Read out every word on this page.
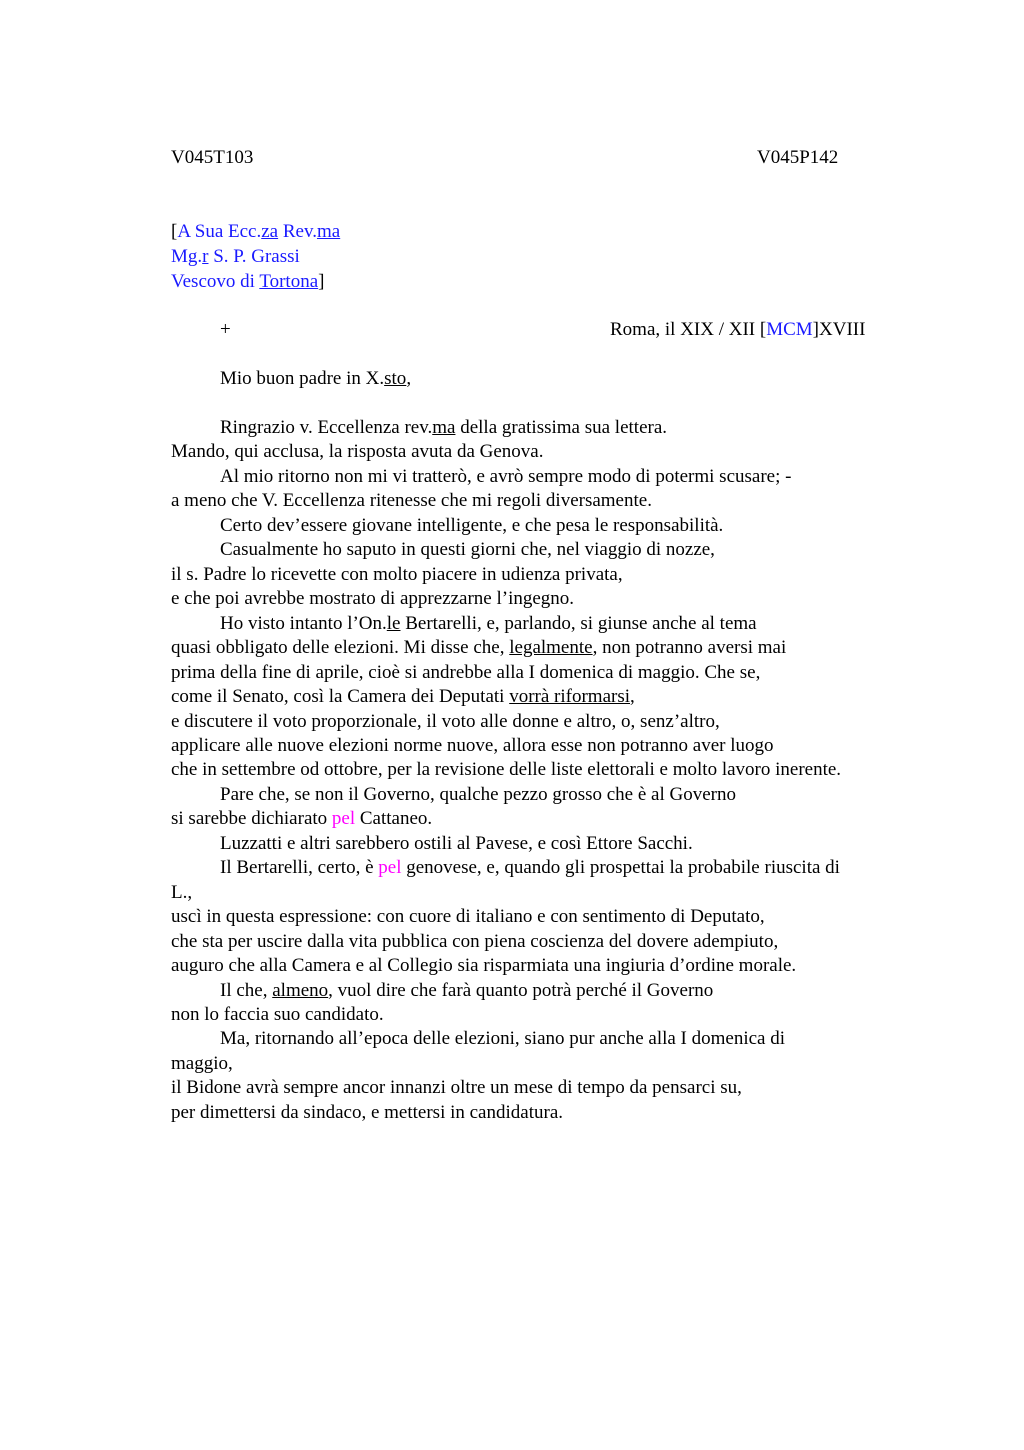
V045T103	V045P142
[A Sua Ecc.za Rev.ma
Mg.r S. P. Grassi
Vescovo di Tortona]
+	Roma, il XIX / XII [MCM]XVIII
Mio buon padre in X.sto,
Ringrazio v. Eccellenza rev.ma della gratissima sua lettera.
Mando, qui acclusa, la risposta avuta da Genova.
Al mio ritorno non mi vi tratterò, e avrò sempre modo di potermi scusare; -
a meno che V. Eccellenza ritenesse che mi regoli diversamente.
Certo dev’essere giovane intelligente, e che pesa le responsabilità.
Casualmente ho saputo in questi giorni che, nel viaggio di nozze,
il s. Padre lo ricevette con molto piacere in udienza privata,
e che poi avrebbe mostrato di apprezzarne l’ingegno.
Ho visto intanto l’On.le Bertarelli, e, parlando, si giunse anche al tema
quasi obbligato delle elezioni. Mi disse che, legalmente, non potranno aversi mai
prima della fine di aprile, cioè si andrebbe alla I domenica di maggio. Che se,
come il Senato, così la Camera dei Deputati vorrà riformarsi,
e discutere il voto proporzionale, il voto alle donne e altro, o, senz’altro,
applicare alle nuove elezioni norme nuove, allora esse non potranno aver luogo
che in settembre od ottobre, per la revisione delle liste elettorali e molto lavoro inerente.
Pare che, se non il Governo, qualche pezzo grosso che è al Governo
si sarebbe dichiarato pel Cattaneo.
Luzzatti e altri sarebbero ostili al Pavese, e così Ettore Sacchi.
Il Bertarelli, certo, è pel genovese, e, quando gli prospettai la probabile riuscita di
L.,
uscì in questa espressione: con cuore di italiano e con sentimento di Deputato,
che sta per uscire dalla vita pubblica con piena coscienza del dovere adempiuto,
auguro che alla Camera e al Collegio sia risparmiata una ingiuria d’ordine morale.
Il che, almeno, vuol dire che farà quanto potrà perché il Governo
non lo faccia suo candidato.
Ma, ritornando all’epoca delle elezioni, siano pur anche alla I domenica di
maggio,
il Bidone avrà sempre ancor innanzi oltre un mese di tempo da pensarci su,
per dimettersi da sindaco, e mettersi in candidatura.
